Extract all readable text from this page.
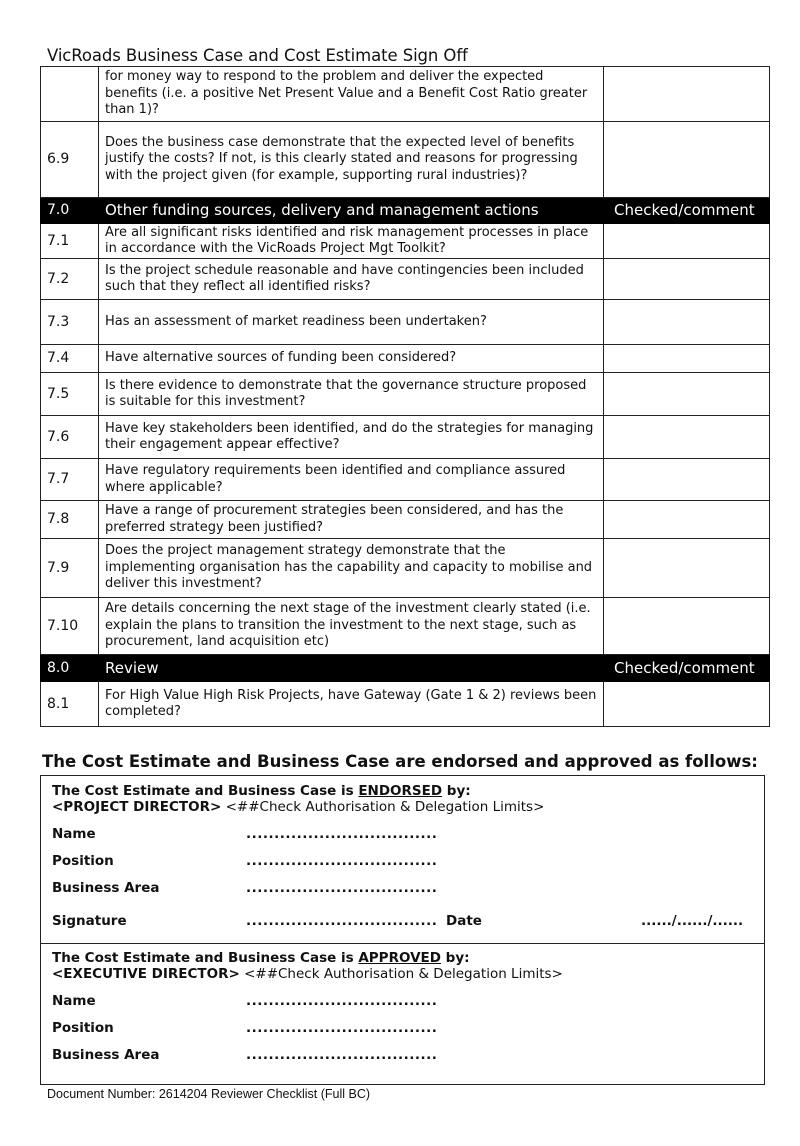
VicRoads Business Case and Cost Estimate Sign Off
	for money way to respond to the problem and deliver the expected benefits (i.e. a positive Net Present Value and a Benefit Cost Ratio greater than 1)?	
6.9	Does the business case demonstrate that the expected level of benefits justify the costs? If not, is this clearly stated and reasons for progressing with the project given (for example, supporting rural industries)?	
7.0	Other funding sources, delivery and management actions	Checked/comment
7.1	Are all significant risks identified and risk management processes in place in accordance with the VicRoads Project Mgt Toolkit?	
7.2	Is the project schedule reasonable and have contingencies been included such that they reflect all identified risks?	
7.3	Has an assessment of market readiness been undertaken?	
7.4	Have alternative sources of funding been considered?	
7.5	Is there evidence to demonstrate that the governance structure proposed is suitable for this investment?	
7.6	Have key stakeholders been identified, and do the strategies for managing their engagement appear effective?	
7.7	Have regulatory requirements been identified and compliance assured where applicable?	
7.8	Have a range of procurement strategies been considered, and has the preferred strategy been justified?	
7.9	Does the project management strategy demonstrate that the implementing organisation has the capability and capacity to mobilise and deliver this investment?	
7.10	Are details concerning the next stage of the investment clearly stated (i.e. explain the plans to transition the investment to the next stage, such as procurement, land acquisition etc)	
8.0	Review	Checked/comment
8.1	For High Value High Risk Projects, have Gateway (Gate 1 & 2) reviews been completed?	
The Cost Estimate and Business Case are endorsed and approved as follows:
The Cost Estimate and Business Case is ENDORSED by:
<PROJECT DIRECTOR> <##Check Authorisation & Delegation Limits>
Name	..................................
Position	..................................
Business Area	..................................
Signature	.................................. Date	....../....../......
The Cost Estimate and Business Case is APPROVED by:
<EXECUTIVE DIRECTOR> <##Check Authorisation & Delegation Limits>
Name	..................................
Position	..................................
Business Area	..................................
Document Number: 2614204 Reviewer Checklist (Full BC)
